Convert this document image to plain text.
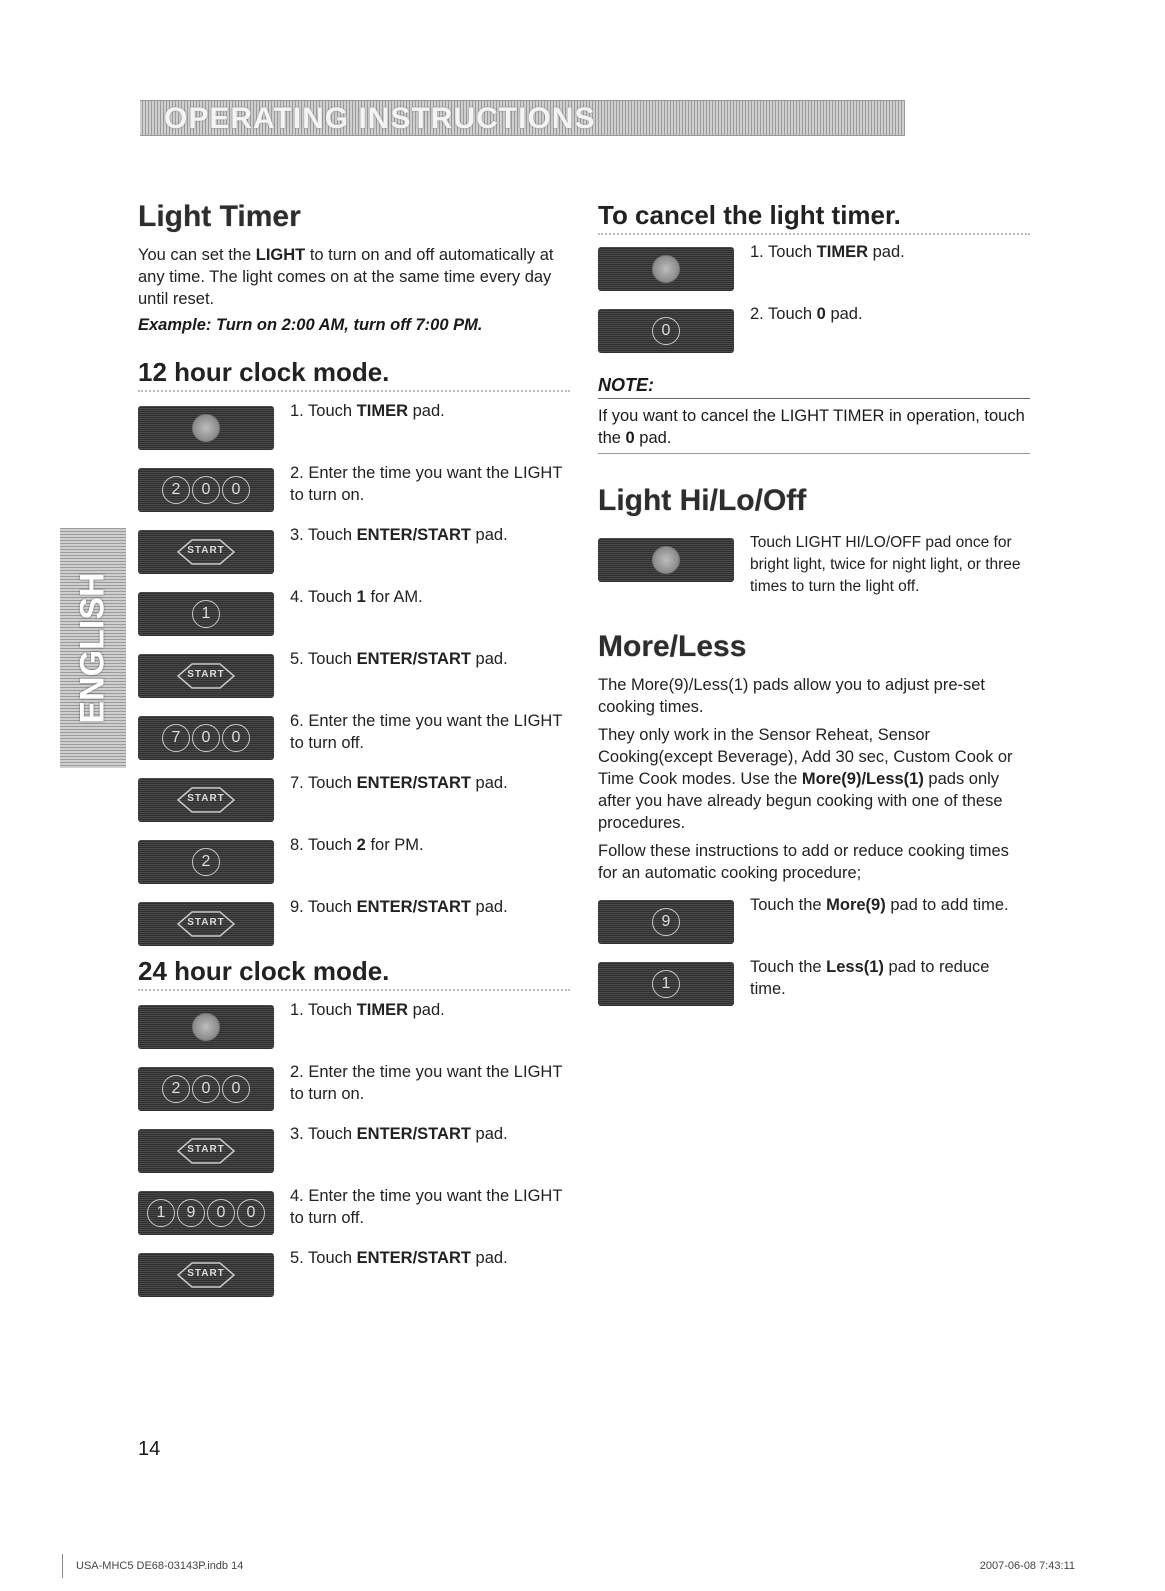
OPERATING INSTRUCTIONS
ENGLISH
Light Timer

You can set the LIGHT to turn on and off automatically at any time. The light comes on at the same time every day until reset.

Example: Turn on 2:00 AM, turn off 7:00 PM.

12 hour clock mode.
1. Touch TIMER pad.
2	0	0
2. Enter the time you want the LIGHT to turn on.
START
3. Touch ENTER/START pad.
1
4. Touch 1 for AM.
START
5. Touch ENTER/START pad.
7	0	0
6. Enter the time you want the LIGHT to turn off.
START
7. Touch ENTER/START pad.
2
8. Touch 2 for PM.
START
9. Touch ENTER/START pad.
24 hour clock mode.
1. Touch TIMER pad.
2	0	0
2. Enter the time you want the LIGHT to turn on.
START
3. Touch ENTER/START pad.
1	9	0	0
4. Enter the time you want the LIGHT to turn off.
START
5. Touch ENTER/START pad.
To cancel the light timer.
1. Touch TIMER pad.
0
2. Touch 0 pad.
NOTE:
If you want to cancel the LIGHT TIMER in operation, touch the 0 pad.
Light Hi/Lo/Off
Touch LIGHT HI/LO/OFF pad once for bright light, twice for night light, or three times to turn the light off.
More/Less

The More(9)/Less(1) pads allow you to adjust pre-set cooking times.

They only work in the Sensor Reheat, Sensor Cooking(except Beverage), Add 30 sec, Custom Cook or Time Cook modes. Use the More(9)/Less(1) pads only after you have already begun cooking with one of these procedures.

Follow these instructions to add or reduce cooking times for an automatic cooking procedure;

9
Touch the More(9) pad to add time.
1
Touch the Less(1) pad to reduce time.
14
USA-MHC5 DE68-03143P.indb 14	2007-06-08 7:43:11
